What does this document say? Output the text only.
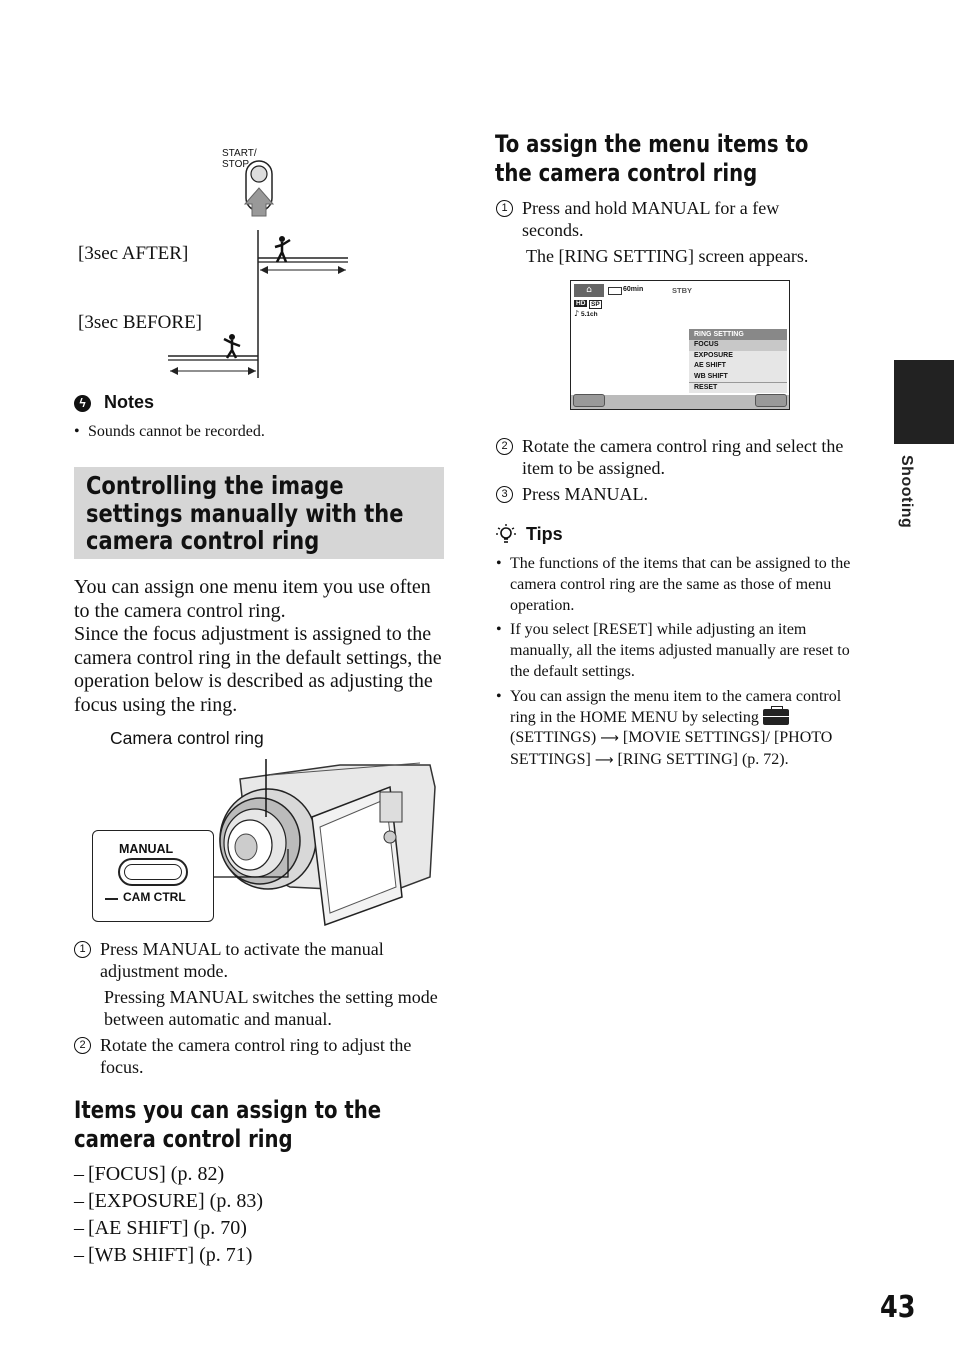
Shooting
START/
STOP
[3sec AFTER]
[3sec BEFORE]
ϟ Notes
• Sounds cannot be recorded.
Controlling the image settings manually with the camera control ring
You can assign one menu item you use often to the camera control ring.
Since the focus adjustment is assigned to the camera control ring in the default settings, the operation below is described as adjusting the focus using the ring.
Camera control ring
MANUAL
CAM CTRL
1 Press MANUAL to activate the manual adjustment mode.
Pressing MANUAL switches the setting mode between automatic and manual.
2 Rotate the camera control ring to adjust the focus.
Items you can assign to the camera control ring
– [FOCUS] (p. 82)
– [EXPOSURE] (p. 83)
– [AE SHIFT] (p. 70)
– [WB SHIFT] (p. 71)
To assign the menu items to the camera control ring
1 Press and hold MANUAL for a few seconds.
The [RING SETTING] screen appears.
⌂	60min	STBY
HD SP
♪ 5.1ch
RING SETTING
FOCUS
EXPOSURE
AE SHIFT
WB SHIFT
RESET
2 Rotate the camera control ring and select the item to be assigned.
3 Press MANUAL.
Tips
• The functions of the items that can be assigned to the camera control ring are the same as those of menu operation.
• If you select [RESET] while adjusting an item manually, all the items adjusted manually are reset to the default settings.
• You can assign the menu item to the camera control ring in the HOME MENU by selecting
(SETTINGS) ⟶ [MOVIE SETTINGS]/ [PHOTO SETTINGS] ⟶ [RING SETTING] (p. 72).
43
